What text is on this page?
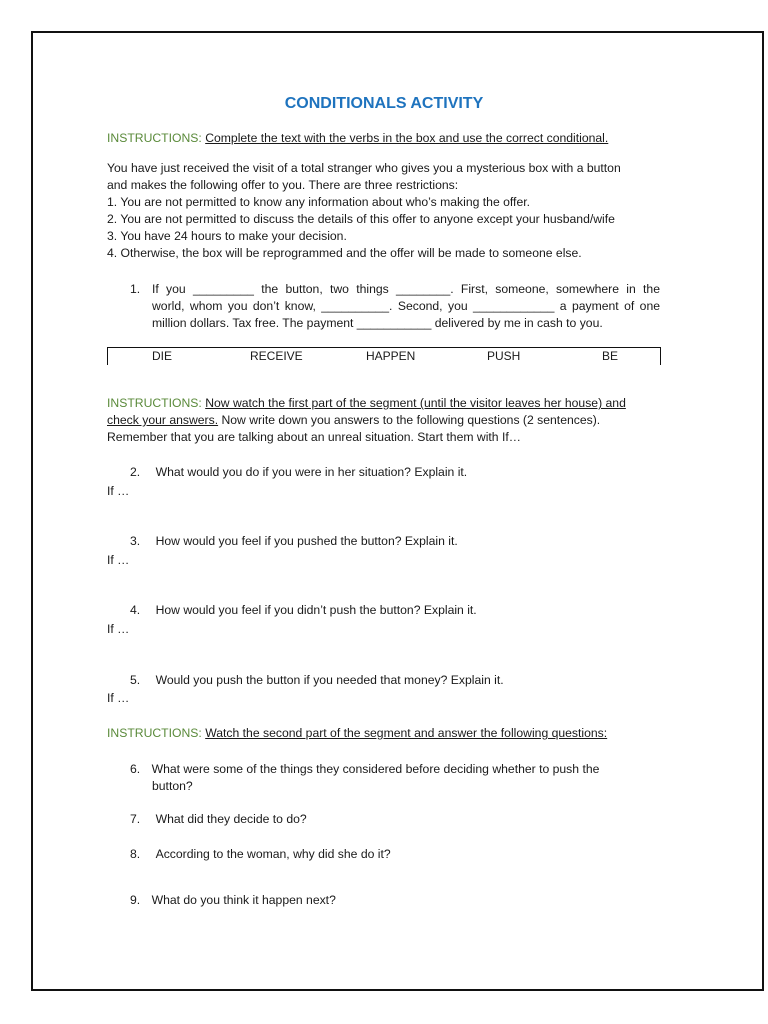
CONDITIONALS ACTIVITY
INSTRUCTIONS: Complete the text with the verbs in the box and use the correct conditional.
You have just received the visit of a total stranger who gives you a mysterious box with a button
and makes the following offer to you. There are three restrictions:
1. You are not permitted to know any information about who’s making the offer.
2. You are not permitted to discuss the details of this offer to anyone except your husband/wife
3. You have 24 hours to make your decision.
4. Otherwise, the box will be reprogrammed and the offer will be made to someone else.
1. If you _________ the button, two things ________. First, someone, somewhere in the
world, whom you don’t know, __________. Second, you ____________ a payment of one
million dollars. Tax free. The payment ___________ delivered by me in cash to you.
DIE	RECEIVE	HAPPEN	PUSH	BE
INSTRUCTIONS: Now watch the first part of the segment (until the visitor leaves her house) and
check your answers. Now write down you answers to the following questions (2 sentences).
Remember that you are talking about an unreal situation. Start them with If…
2. What would you do if you were in her situation? Explain it.
If …
3. How would you feel if you pushed the button? Explain it.
If …
4. How would you feel if you didn’t push the button? Explain it.
If …
5. Would you push the button if you needed that money? Explain it.
If …
INSTRUCTIONS: Watch the second part of the segment and answer the following questions:
6. What were some of the things they considered before deciding whether to push the
button?
7. What did they decide to do?
8. According to the woman, why did she do it?
9. What do you think it happen next?
